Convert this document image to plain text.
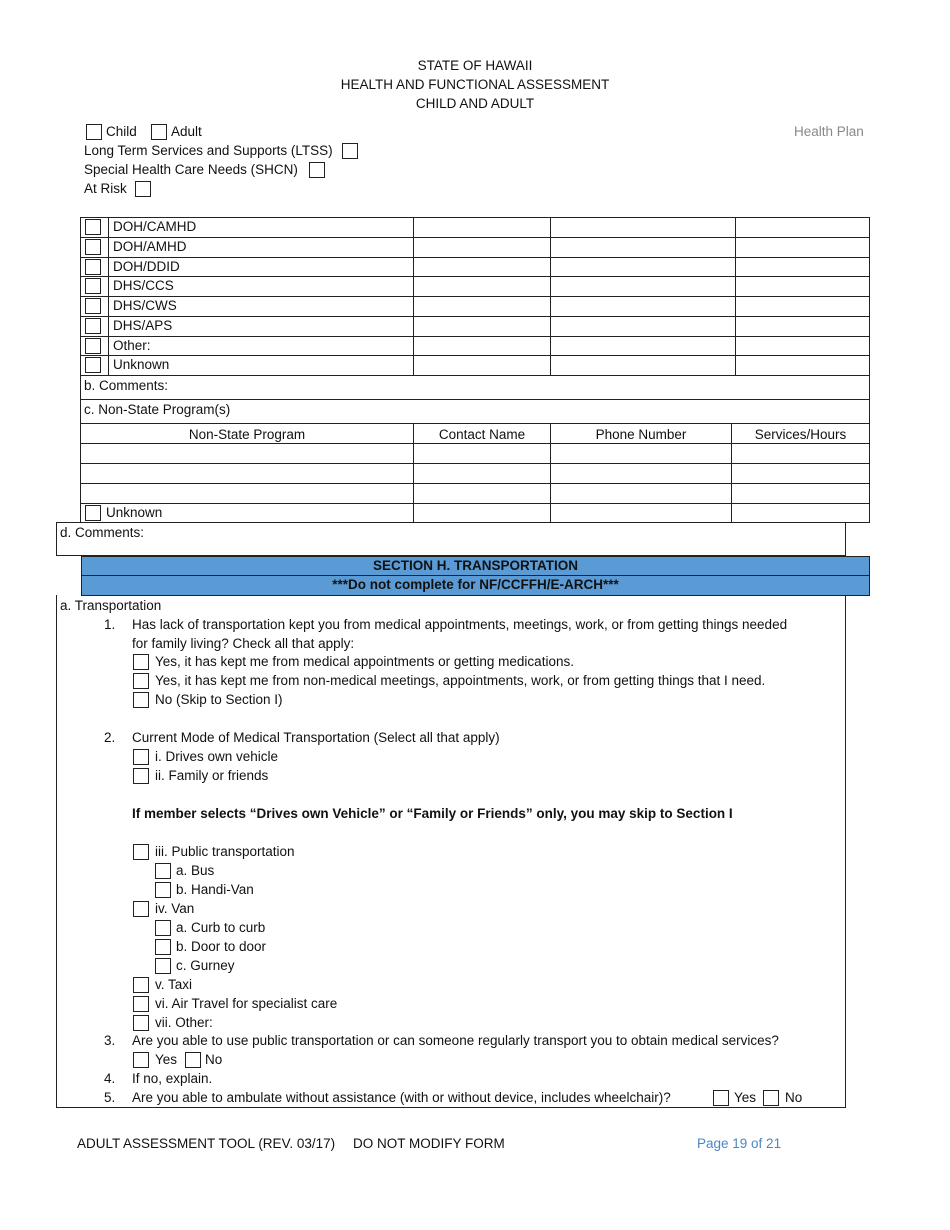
STATE OF HAWAII
HEALTH AND FUNCTIONAL ASSESSMENT
CHILD AND ADULT
Health Plan
Child	Adult
Long Term Services and Supports (LTSS)
Special Health Care Needs (SHCN)
At Risk
DOH/CAMHD
DOH/AMHD
DOH/DDID
DHS/CCS
DHS/CWS
DHS/APS
Other:
Unknown
b. Comments:
c. Non-State Program(s)
Non-State Program	Contact Name	Phone Number	Services/Hours
Unknown
d. Comments:
SECTION H. TRANSPORTATION
***Do not complete for NF/CCFFH/E-ARCH***
a. Transportation
1. Has lack of transportation kept you from medical appointments, meetings, work, or from getting things needed
for family living? Check all that apply:
Yes, it has kept me from medical appointments or getting medications.
Yes, it has kept me from non-medical meetings, appointments, work, or from getting things that I need.
No (Skip to Section I)
2. Current Mode of Medical Transportation (Select all that apply)
i. Drives own vehicle
ii. Family or friends
If member selects “Drives own Vehicle” or “Family or Friends” only, you may skip to Section I
iii. Public transportation
a. Bus
b. Handi-Van
iv. Van
a. Curb to curb
b. Door to door
c. Gurney
v. Taxi
vi. Air Travel for specialist care
vii. Other:
3. Are you able to use public transportation or can someone regularly transport you to obtain medical services?
Yes No
4. If no, explain.
5. Are you able to ambulate without assistance (with or without device, includes wheelchair)?	Yes No
ADULT ASSESSMENT TOOL (REV. 03/17) DO NOT MODIFY FORM	Page 19 of 21
